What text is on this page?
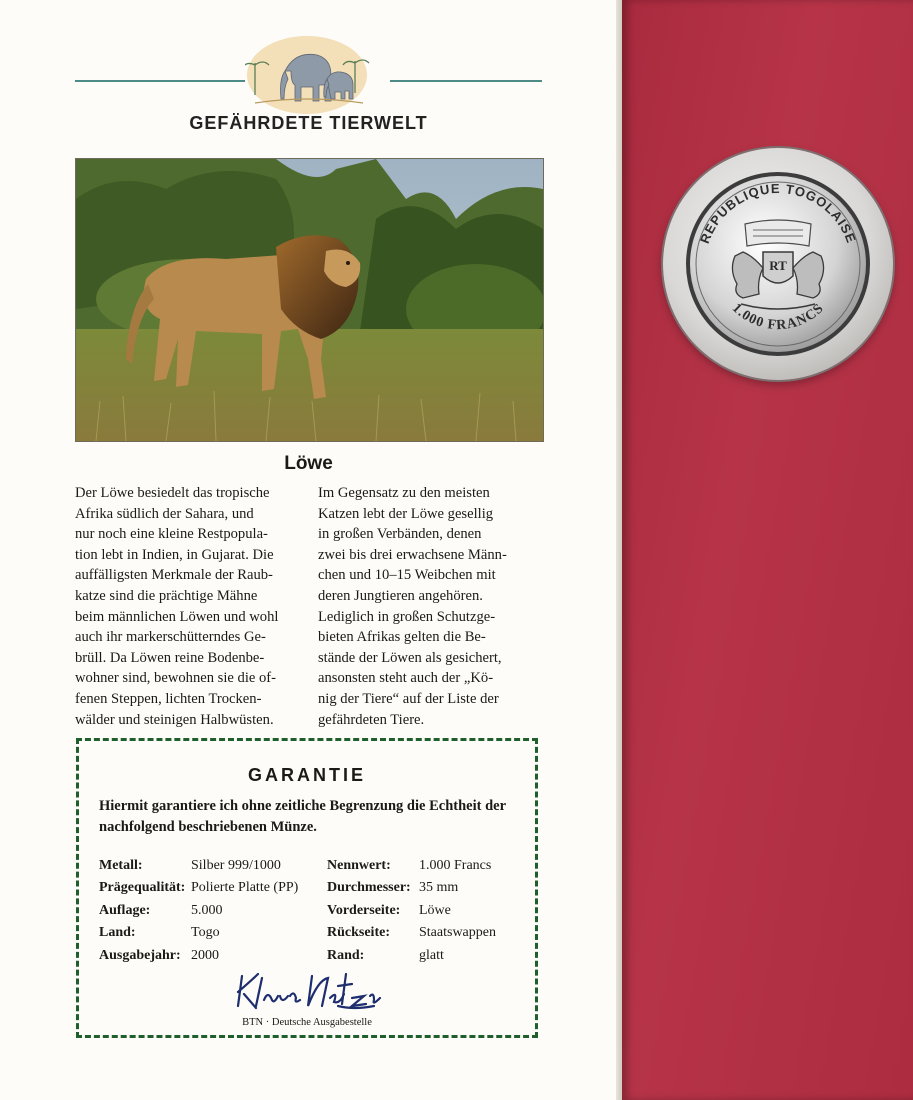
GEFÄHRDETE TIERWELT
Löwe
Der Löwe besiedelt das tropische
Afrika südlich der Sahara, und
nur noch eine kleine Restpopula-
tion lebt in Indien, in Gujarat. Die
auffälligsten Merkmale der Raub-
katze sind die prächtige Mähne
beim männlichen Löwen und wohl
auch ihr markerschütterndes Ge-
brüll. Da Löwen reine Bodenbe-
wohner sind, bewohnen sie die of-
fenen Steppen, lichten Trocken-
wälder und steinigen Halbwüsten.
Im Gegensatz zu den meisten
Katzen lebt der Löwe gesellig
in großen Verbänden, denen
zwei bis drei erwachsene Männ-
chen und 10–15 Weibchen mit
deren Jungtieren angehören.
Lediglich in großen Schutzge-
bieten Afrikas gelten die Be-
stände der Löwen als gesichert,
ansonsten steht auch der „Kö-
nig der Tiere“ auf der Liste der
gefährdeten Tiere.
GARANTIE
Hiermit garantiere ich ohne zeitliche Begrenzung die Echtheit der nachfolgend beschriebenen Münze.
Metall:	Silber 999/1000
Prägequalität: Polierte Platte (PP)
Auflage:	5.000
Land:	Togo
Ausgabejahr: 2000
Nennwert:	1.000 Francs
Durchmesser: 35 mm
Vorderseite:	Löwe
Rückseite:	Staatswappen
Rand:	glatt
BTN · Deutsche Ausgabestelle
REPUBLIQUE TOGOLAISE
1.000 FRANCS
RT
